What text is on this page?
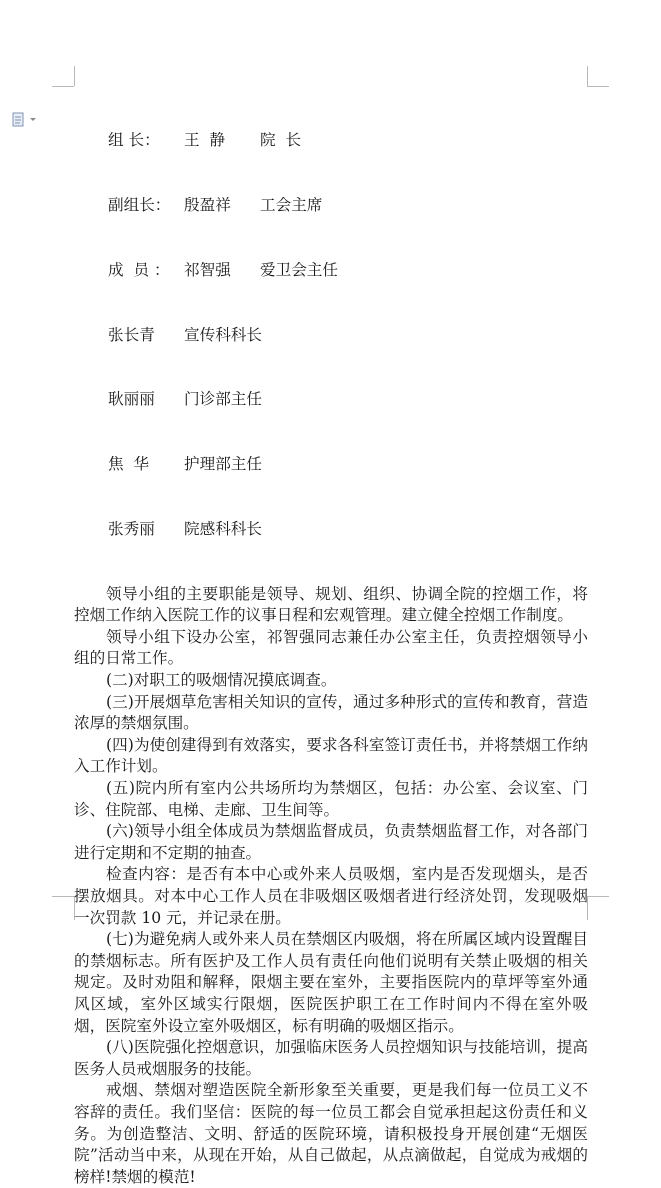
组 长： 王  静 院  长

副组长： 殷盈祥 工会主席

成  员 ： 祁智强 爱卫会主任

张长青 宣传科科长

耿丽丽 门诊部主任

焦  华 护理部主任

张秀丽 院感科科长

领导小组的主要职能是领导、规划、组织、协调全院的控烟工作，将控烟工作纳入医院工作的议事日程和宏观管理。建立健全控烟工作制度。
领导小组下设办公室，祁智强同志兼任办公室主任，负责控烟领导小组的日常工作。
(二)对职工的吸烟情况摸底调查。
(三)开展烟草危害相关知识的宣传，通过多种形式的宣传和教育，营造浓厚的禁烟氛围。
(四)为使创建得到有效落实，要求各科室签订责任书，并将禁烟工作纳入工作计划。
(五)院内所有室内公共场所均为禁烟区，包括：办公室、会议室、门诊、住院部、电梯、走廊、卫生间等。
(六)领导小组全体成员为禁烟监督成员，负责禁烟监督工作，对各部门进行定期和不定期的抽查。
检查内容：是否有本中心或外来人员吸烟，室内是否发现烟头，是否摆放烟具。对本中心工作人员在非吸烟区吸烟者进行经济处罚，发现吸烟一次罚款 10 元，并记录在册。
(七)为避免病人或外来人员在禁烟区内吸烟，将在所属区域内设置醒目的禁烟标志。所有医护及工作人员有责任向他们说明有关禁止吸烟的相关规定。及时劝阻和解释，限烟主要在室外，主要指医院内的草坪等室外通风区域，室外区域实行限烟，医院医护职工在工作时间内不得在室外吸烟，医院室外设立室外吸烟区，标有明确的吸烟区指示。
(八)医院强化控烟意识，加强临床医务人员控烟知识与技能培训，提高医务人员戒烟服务的技能。
戒烟、禁烟对塑造医院全新形象至关重要，更是我们每一位员工义不容辞的责任。我们坚信：医院的每一位员工都会自觉承担起这份责任和义务。为创造整洁、文明、舒适的医院环境，请积极投身开展创建“无烟医院”活动当中来，从现在开始，从自己做起，从点滴做起，自觉成为戒烟的榜样!禁烟的模范!
